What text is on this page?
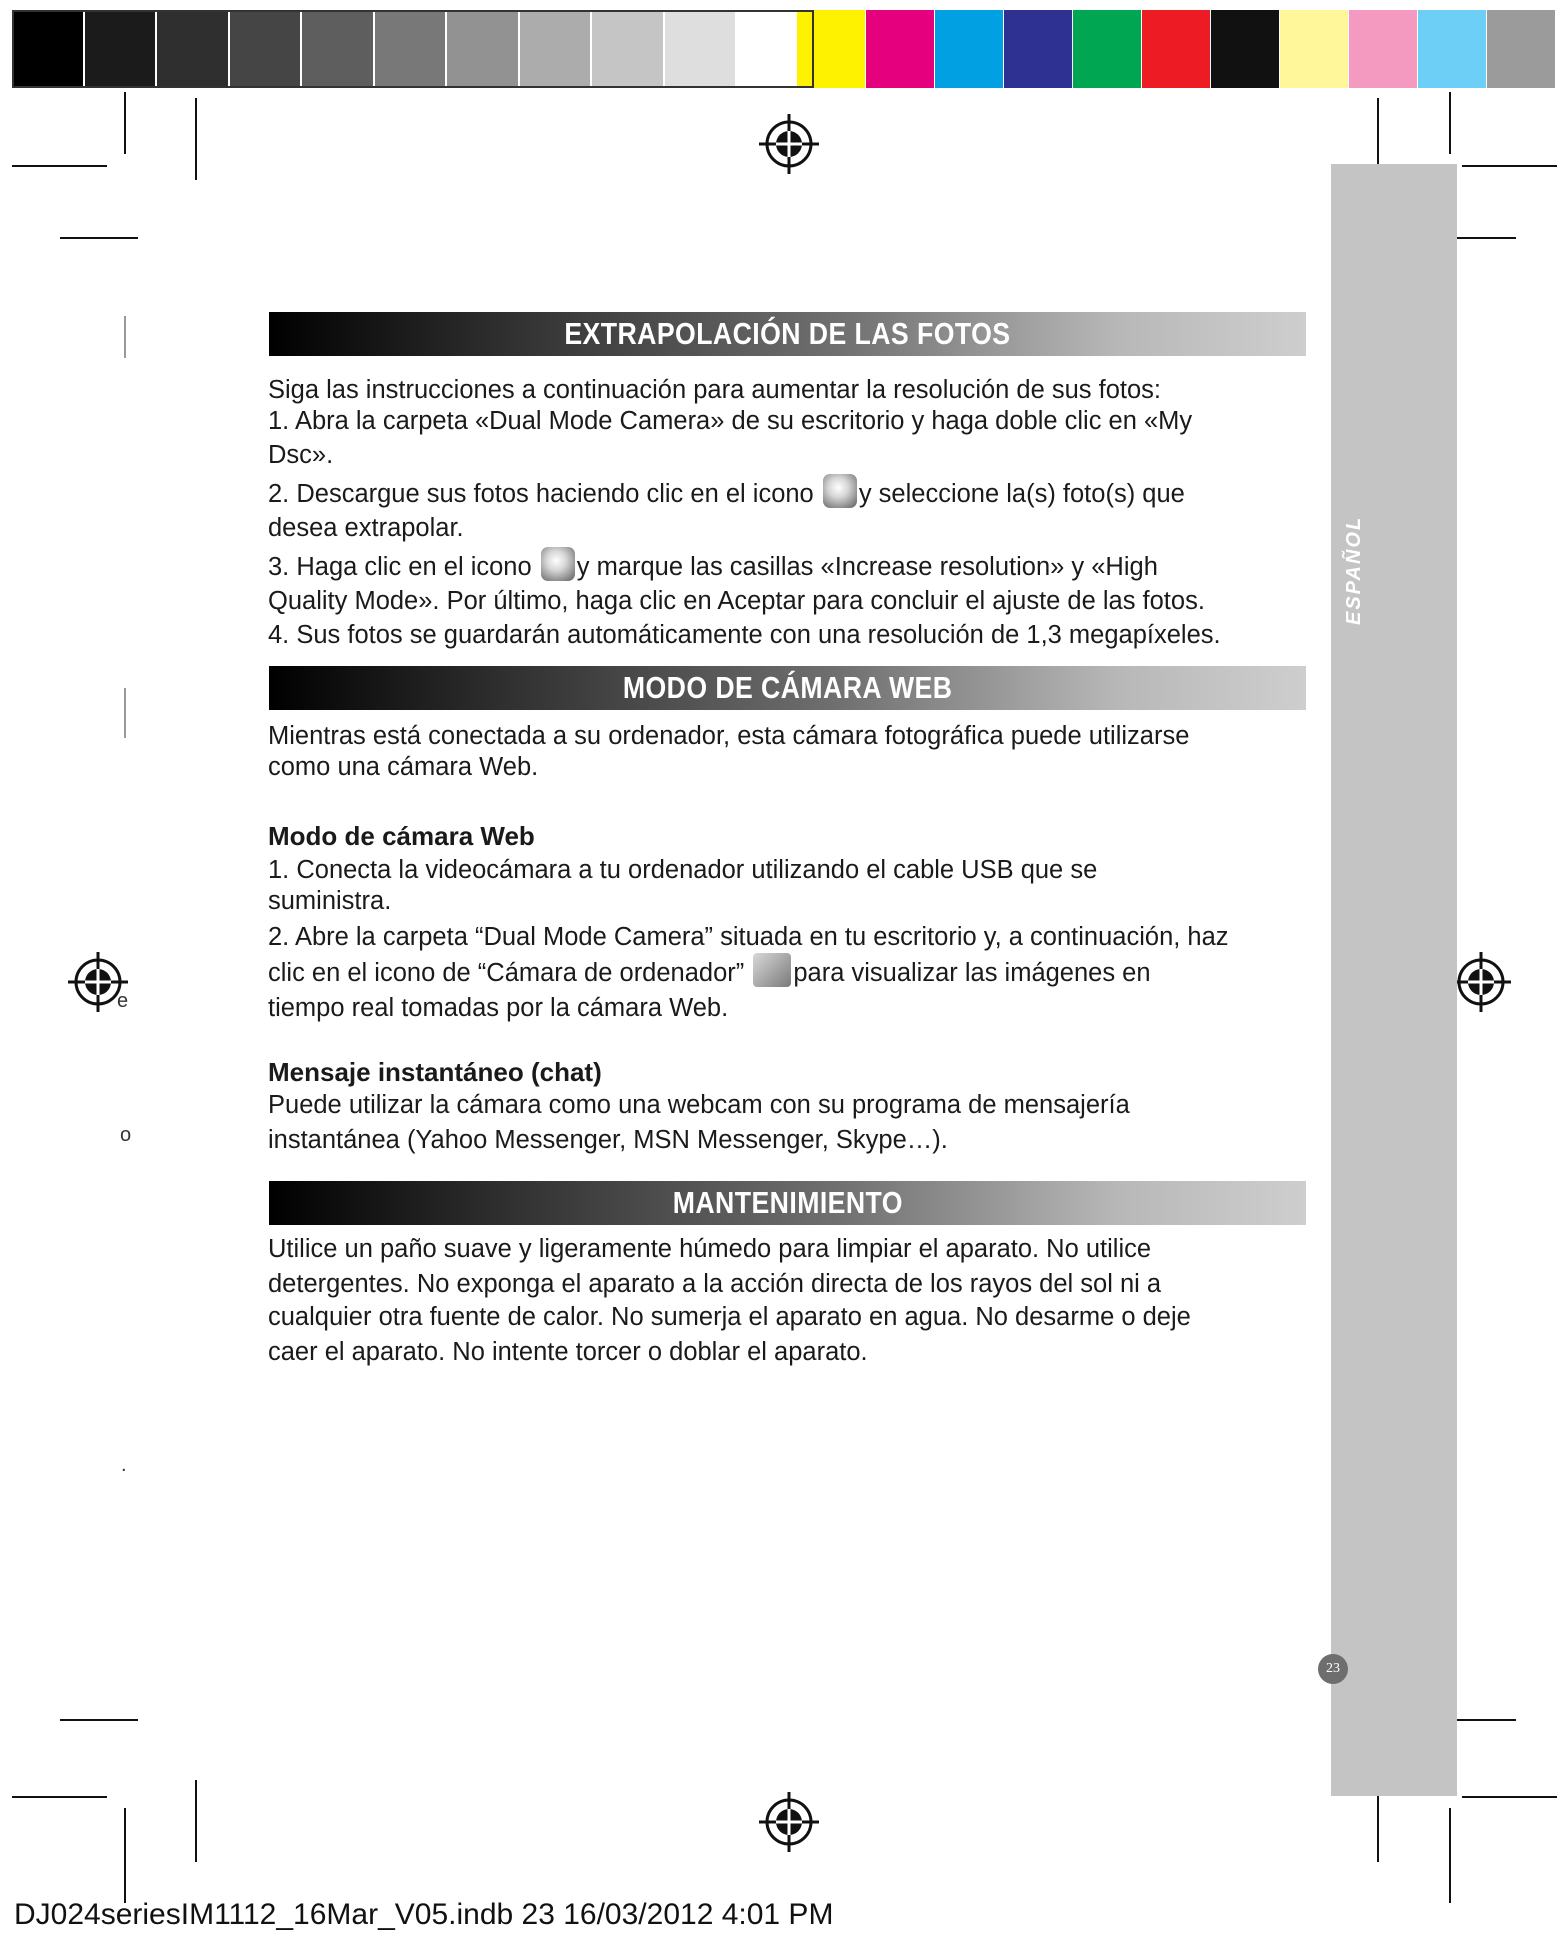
e
o
.
ESPAÑOL
23
EXTRAPOLACIÓN DE LAS FOTOS
Siga las instrucciones a continuación para aumentar la resolución de sus fotos:
1. Abra la carpeta «Dual Mode Camera» de su escritorio y haga doble clic en «My
Dsc».
2. Descargue sus fotos haciendo clic en el icono y seleccione la(s) foto(s) que
desea extrapolar.
3. Haga clic en el icono y marque las casillas «Increase resolution» y «High
Quality Mode». Por último, haga clic en Aceptar para concluir el ajuste de las fotos.
4. Sus fotos se guardarán automáticamente con una resolución de 1,3 megapíxeles.
MODO DE CÁMARA WEB
Mientras está conectada a su ordenador, esta cámara fotográfica puede utilizarse
como una cámara Web.

Modo de cámara Web

1. Conecta la videocámara a tu ordenador utilizando el cable USB que se
suministra.
2. Abre la carpeta “Dual Mode Camera” situada en tu escritorio y, a continuación, haz
clic en el icono de “Cámara de ordenador” para visualizar las imágenes en
tiempo real tomadas por la cámara Web.

Mensaje instantáneo (chat)

Puede utilizar la cámara como una webcam con su programa de mensajería
instantánea (Yahoo Messenger, MSN Messenger, Skype…).
MANTENIMIENTO
Utilice un paño suave y ligeramente húmedo para limpiar el aparato. No utilice
detergentes. No exponga el aparato a la acción directa de los rayos del sol ni a
cualquier otra fuente de calor. No sumerja el aparato en agua. No desarme o deje
caer el aparato. No intente torcer o doblar el aparato.
DJ024seriesIM1112_16Mar_V05.indb 23 16/03/2012 4:01 PM
